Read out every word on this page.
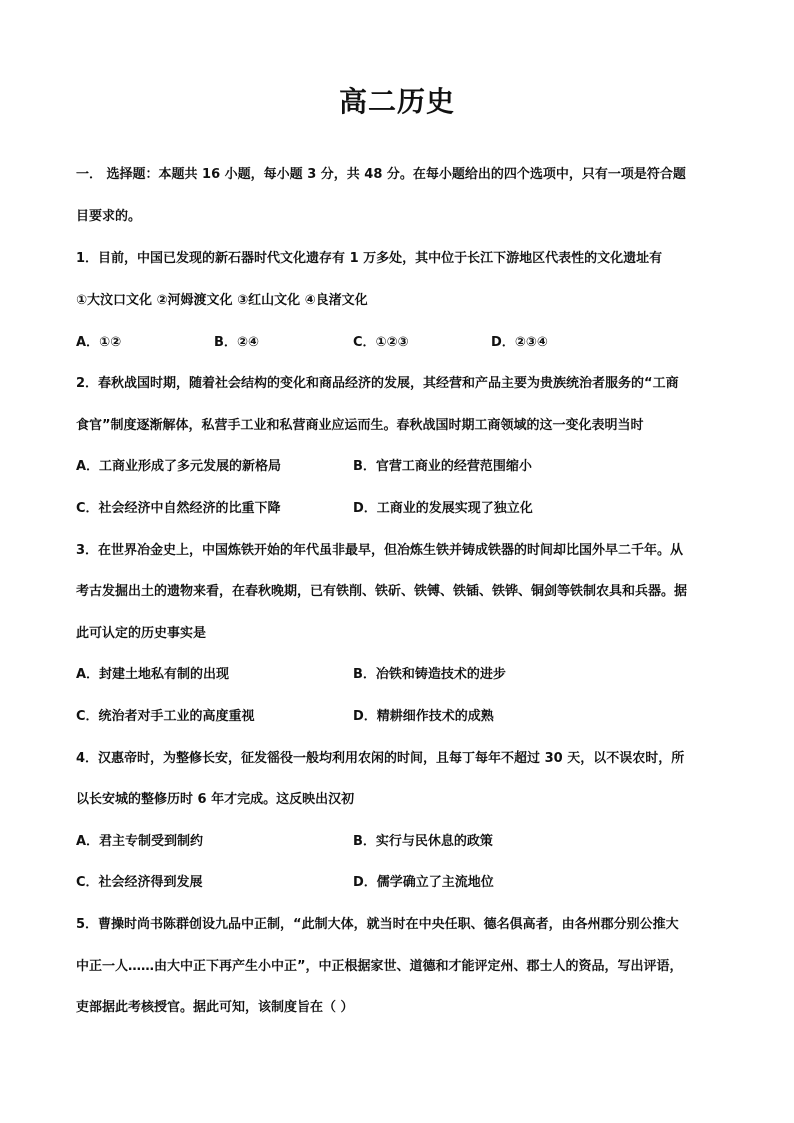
高二历史
一． 选择题：本题共 16 小题，每小题 3 分，共 48 分。在每小题给出的四个选项中，只有一项是符合题
目要求的。
1．目前，中国已发现的新石器时代文化遗存有 1 万多处，其中位于长江下游地区代表性的文化遗址有
①大汶口文化 ②河姆渡文化 ③红山文化 ④良渚文化
A．①②	B．②④	C．①②③	D．②③④
2．春秋战国时期，随着社会结构的变化和商品经济的发展，其经营和产品主要为贵族统治者服务的“工商
食官”制度逐渐解体，私营手工业和私营商业应运而生。春秋战国时期工商领域的这一变化表明当时
A．工商业形成了多元发展的新格局	B．官营工商业的经营范围缩小
C．社会经济中自然经济的比重下降	D．工商业的发展实现了独立化
3．在世界冶金史上，中国炼铁开始的年代虽非最早，但冶炼生铁并铸成铁器的时间却比国外早二千年。从
考古发掘出土的遗物来看，在春秋晚期，已有铁削、铁斫、铁镈、铁锸、铁铧、铜剑等铁制农具和兵器。据
此可认定的历史事实是
A．封建土地私有制的出现	B．冶铁和铸造技术的进步
C．统治者对手工业的高度重视	D．精耕细作技术的成熟
4．汉惠帝时，为整修长安，征发徭役一般均利用农闲的时间，且每丁每年不超过 30 天，以不误农时，所
以长安城的整修历时 6 年才完成。这反映出汉初
A．君主专制受到制约	B．实行与民休息的政策
C．社会经济得到发展	D．儒学确立了主流地位
5．曹操时尚书陈群创设九品中正制，“此制大体，就当时在中央任职、德名俱高者，由各州郡分别公推大
中正一人……由大中正下再产生小中正”，中正根据家世、道德和才能评定州、郡士人的资品，写出评语，
吏部据此考核授官。据此可知，该制度旨在（ ）
